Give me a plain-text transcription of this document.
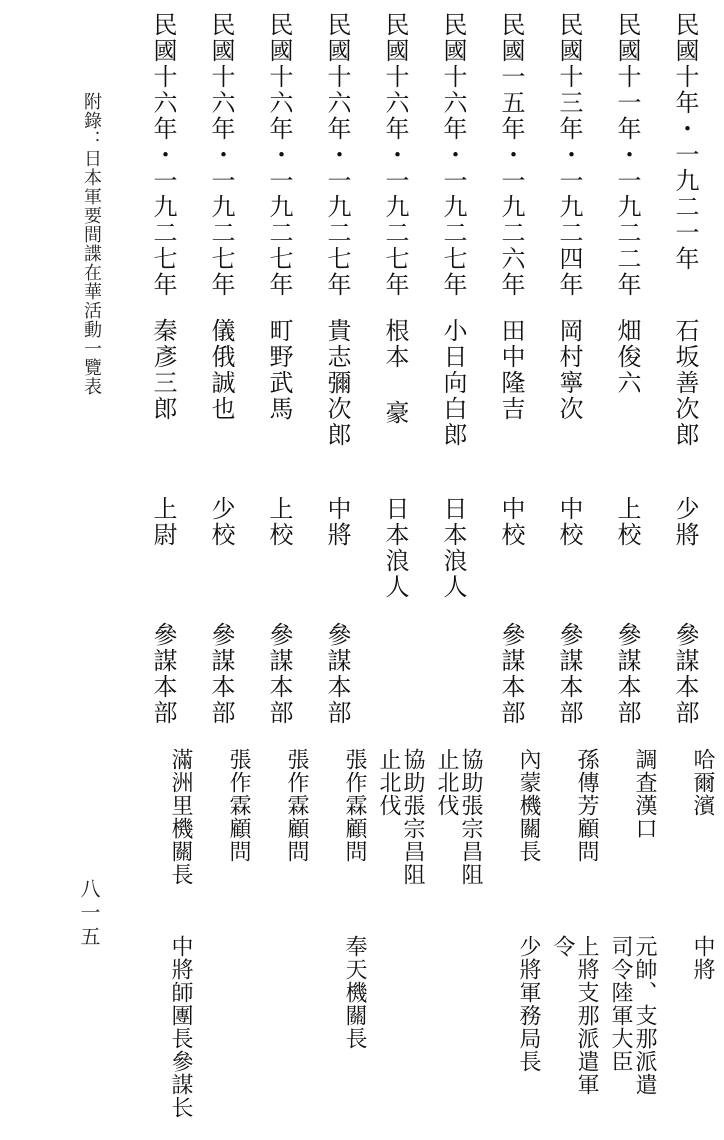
民國十年・一九二一年
石坂善次郎
少將
參謀本部
哈爾濱
中將
民國十一年・一九二二年
畑俊六
上校
參謀本部
調査漢口
元帥、支那派遣
司令陸軍大臣
民國十三年・一九二四年
岡村寧次
中校
參謀本部
孫傳芳顧問
上將支那派遣軍
令
民國一五年・一九二六年
田中隆吉
中校
參謀本部
內蒙機關長
少將軍務局長
民國十六年・一九二七年
小日向白郎
日本浪人
協助張宗昌阻
止北伐
民國十六年・一九二七年
根本 豪
日本浪人
協助張宗昌阻
止北伐
民國十六年・一九二七年
貴志彌次郎
中將
參謀本部
張作霖顧問
奉天機關長
民國十六年・一九二七年
町野武馬
上校
參謀本部
張作霖顧問
民國十六年・一九二七年
儀俄誠也
少校
參謀本部
張作霖顧問
民國十六年・一九二七年
秦彥三郎
上尉
參謀本部
滿洲里機關長
中將師團長參謀长
附錄：日本軍要間諜在華活動一覽表
八一五
